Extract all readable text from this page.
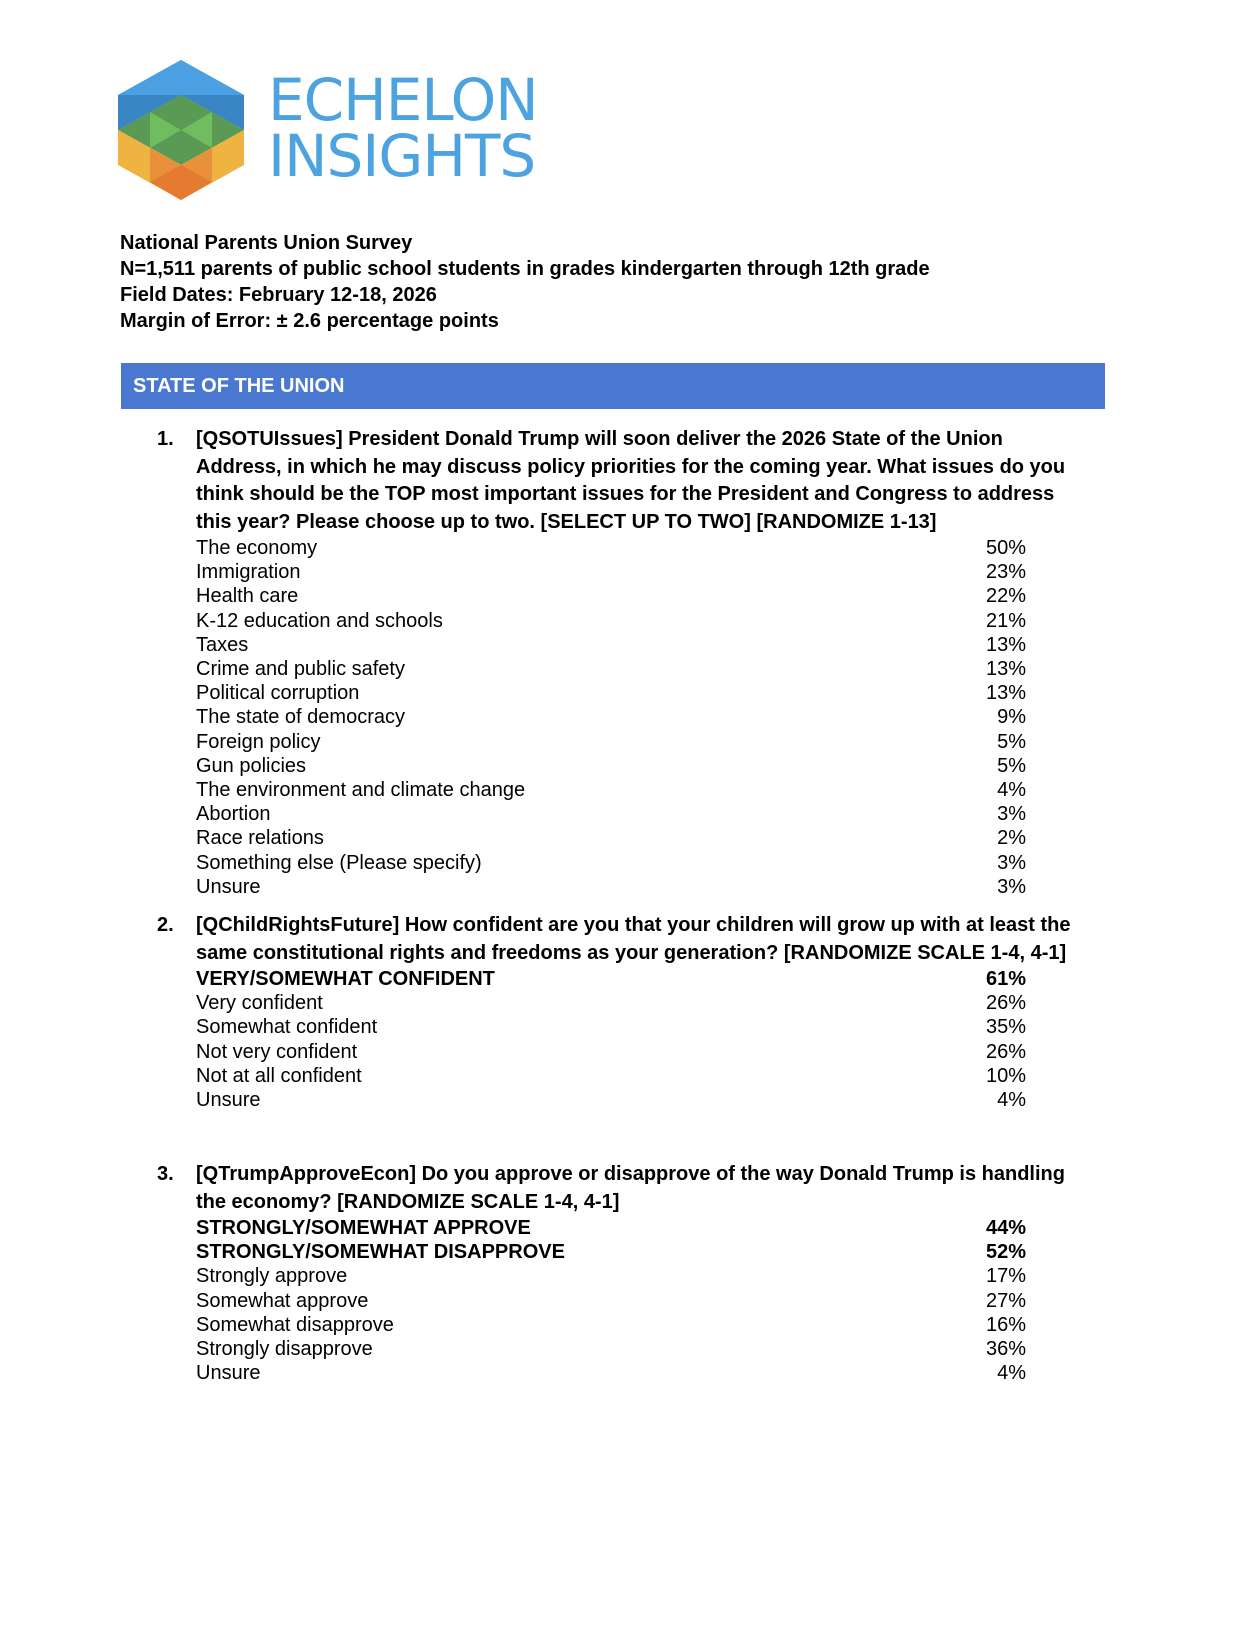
ECHELON
INSIGHTS
National Parents Union Survey
N=1,511 parents of public school students in grades kindergarten through 12th grade
Field Dates: February 12-18, 2026
Margin of Error: ± 2.6 percentage points
STATE OF THE UNION
1. [QSOTUIssues] President Donald Trump will soon deliver the 2026 State of the Union Address, in which he may discuss policy priorities for the coming year. What issues do you think should be the TOP most important issues for the President and Congress to address this year? Please choose up to two. [SELECT UP TO TWO] [RANDOMIZE 1-13]
The economy	50%
Immigration	23%
Health care	22%
K-12 education and schools	21%
Taxes	13%
Crime and public safety	13%
Political corruption	13%
The state of democracy	9%
Foreign policy	5%
Gun policies	5%
The environment and climate change	4%
Abortion	3%
Race relations	2%
Something else (Please specify)	3%
Unsure	3%
2. [QChildRightsFuture] How confident are you that your children will grow up with at least the same constitutional rights and freedoms as your generation? [RANDOMIZE SCALE 1-4, 4-1]
VERY/SOMEWHAT CONFIDENT	61%
Very confident	26%
Somewhat confident	35%
Not very confident	26%
Not at all confident	10%
Unsure	4%
3. [QTrumpApproveEcon] Do you approve or disapprove of the way Donald Trump is handling the economy? [RANDOMIZE SCALE 1-4, 4-1]
STRONGLY/SOMEWHAT APPROVE	44%
STRONGLY/SOMEWHAT DISAPPROVE	52%
Strongly approve	17%
Somewhat approve	27%
Somewhat disapprove	16%
Strongly disapprove	36%
Unsure	4%
